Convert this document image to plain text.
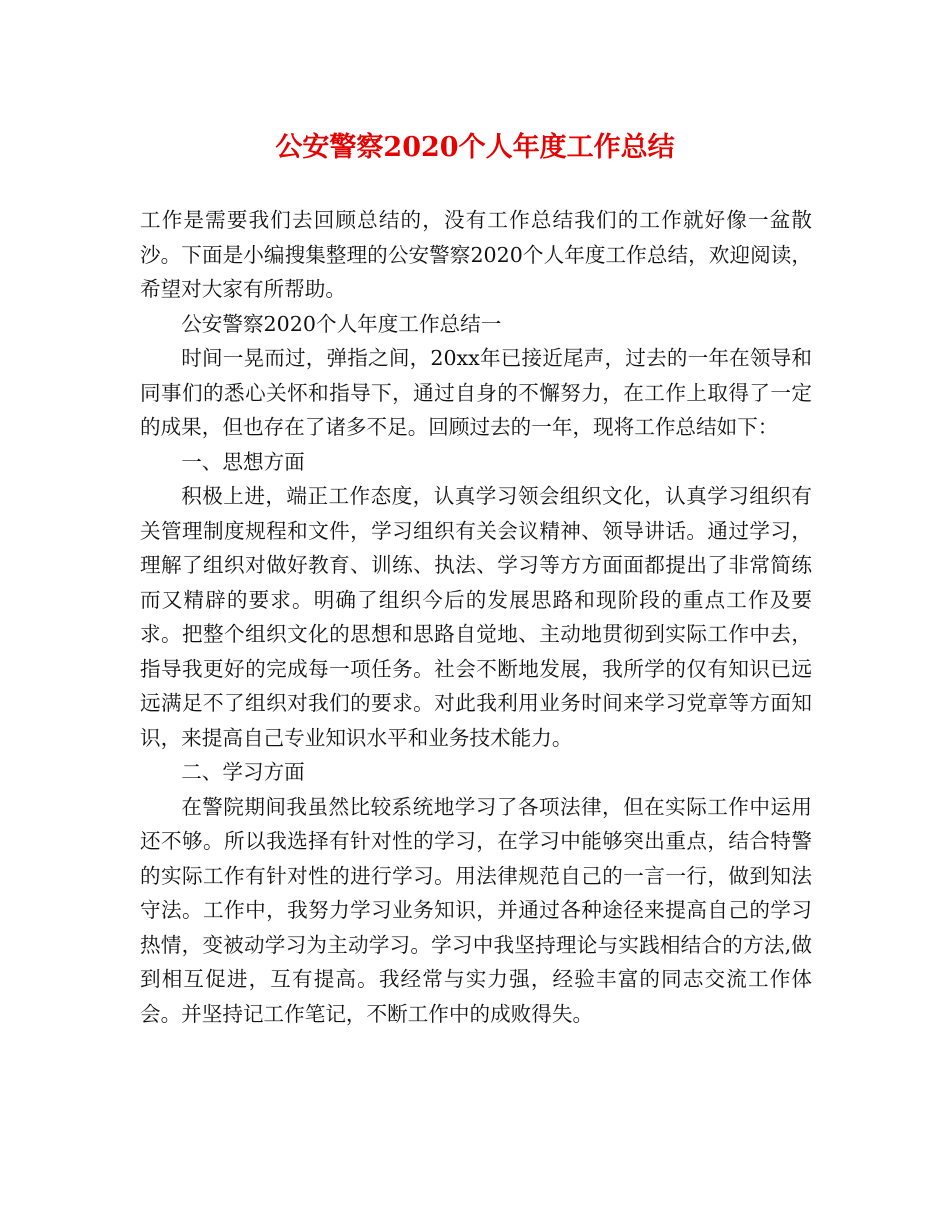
公安警察2020个人年度工作总结

工作是需要我们去回顾总结的，没有工作总结我们的工作就好像一盆散沙。下面是小编搜集整理的公安警察2020个人年度工作总结，欢迎阅读，希望对大家有所帮助。

公安警察2020个人年度工作总结一

时间一晃而过，弹指之间，20xx年已接近尾声，过去的一年在领导和同事们的悉心关怀和指导下，通过自身的不懈努力，在工作上取得了一定的成果，但也存在了诸多不足。回顾过去的一年，现将工作总结如下：

一、思想方面

积极上进，端正工作态度，认真学习领会组织文化，认真学习组织有关管理制度规程和文件，学习组织有关会议精神、领导讲话。通过学习，理解了组织对做好教育、训练、执法、学习等方方面面都提出了非常简练而又精辟的要求。明确了组织今后的发展思路和现阶段的重点工作及要求。把整个组织文化的思想和思路自觉地、主动地贯彻到实际工作中去，指导我更好的完成每一项任务。社会不断地发展，我所学的仅有知识已远远满足不了组织对我们的要求。对此我利用业务时间来学习党章等方面知识，来提高自己专业知识水平和业务技术能力。

二、学习方面

在警院期间我虽然比较系统地学习了各项法律，但在实际工作中运用还不够。所以我选择有针对性的学习，在学习中能够突出重点，结合特警的实际工作有针对性的进行学习。用法律规范自己的一言一行，做到知法守法。工作中，我努力学习业务知识，并通过各种途径来提高自己的学习热情，变被动学习为主动学习。学习中我坚持理论与实践相结合的方法,做到相互促进，互有提高。我经常与实力强，经验丰富的同志交流工作体会。并坚持记工作笔记，不断工作中的成败得失。
